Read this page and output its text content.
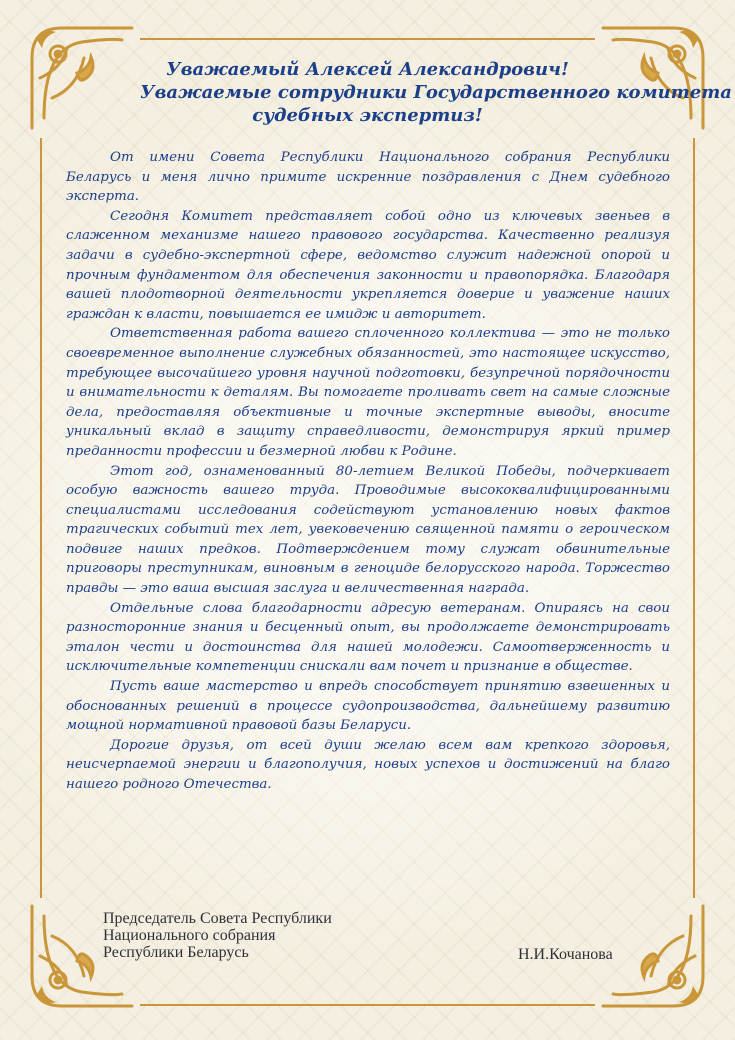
Уважаемый Алексей Александрович!
Уважаемые сотрудники Государственного комитета
судебных экспертиз!

От имени Совета Республики Национального собрания Республики Беларусь и меня лично примите искренние поздравления с Днем судебного эксперта.

Сегодня Комитет представляет собой одно из ключевых звеньев в слаженном механизме нашего правового государства. Качественно реализуя задачи в судебно-экспертной сфере, ведомство служит надежной опорой и прочным фундаментом для обеспечения законности и правопорядка. Благодаря вашей плодотворной деятельности укрепляется доверие и уважение наших граждан к власти, повышается ее имидж и авторитет.

Ответственная работа вашего сплоченного коллектива — это не только своевременное выполнение служебных обязанностей, это настоящее искусство, требующее высочайшего уровня научной подготовки, безупречной порядочности и внимательности к деталям. Вы помогаете проливать свет на самые сложные дела, предоставляя объективные и точные экспертные выводы, вносите уникальный вклад в защиту справедливости, демонстрируя яркий пример преданности профессии и безмерной любви к Родине.

Этот год, ознаменованный 80-летием Великой Победы, подчеркивает особую важность вашего труда. Проводимые высококвалифицированными специалистами исследования содействуют установлению новых фактов трагических событий тех лет, увековечению священной памяти о героическом подвиге наших предков. Подтверждением тому служат обвинительные приговоры преступникам, виновным в геноциде белорусского народа. Торжество правды — это ваша высшая заслуга и величественная награда.

Отдельные слова благодарности адресую ветеранам. Опираясь на свои разносторонние знания и бесценный опыт, вы продолжаете демонстрировать эталон чести и достоинства для нашей молодежи. Самоотверженность и исключительные компетенции снискали вам почет и признание в обществе.

Пусть ваше мастерство и впредь способствует принятию взвешенных и обоснованных решений в процессе судопроизводства, дальнейшему развитию мощной нормативной правовой базы Беларуси.

Дорогие друзья, от всей души желаю всем вам крепкого здоровья, неисчерпаемой энергии и благополучия, новых успехов и достижений на благо нашего родного Отечества.

Председатель Совета Республики
Национального собрания
Республики Беларусь	Н.И.Кочанова
